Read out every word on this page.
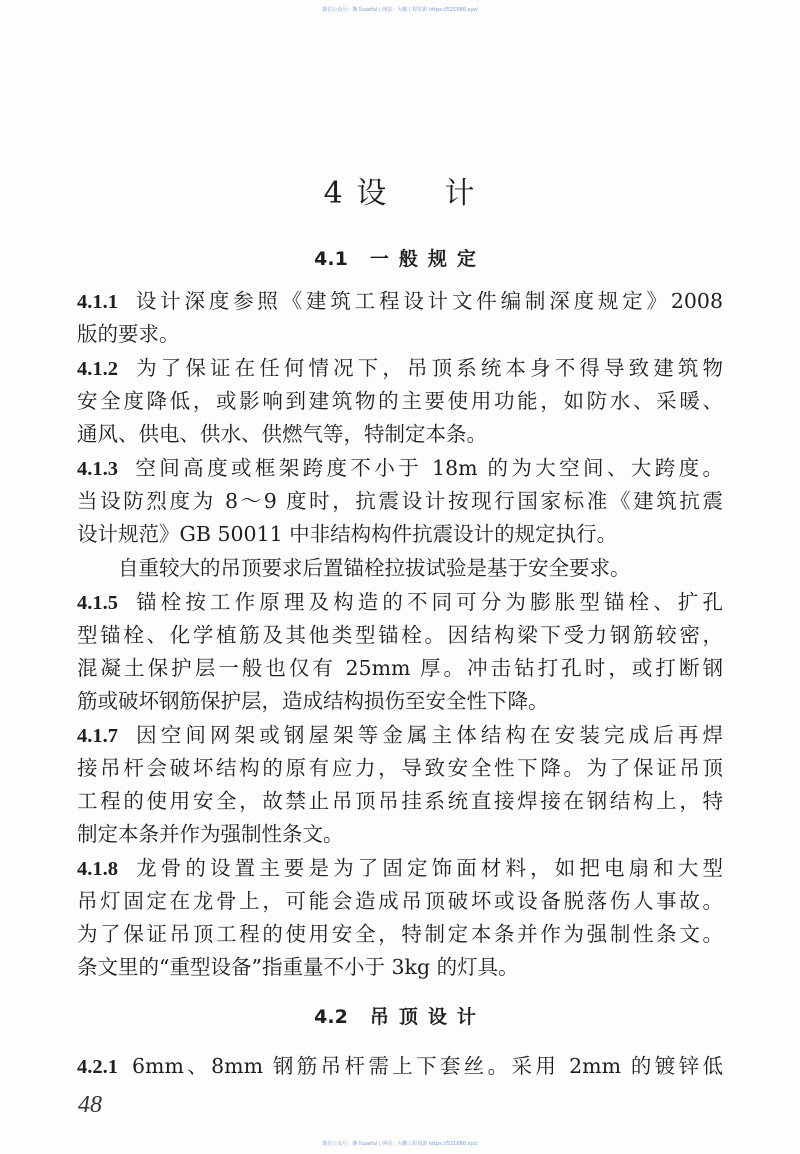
微信公众号：撕书useful | 网站：大鹏工程资源 https://521086.xyz/
4 设 计
4.1 一般规定
4.2 吊顶设计
4.1.1 设计深度参照《建筑工程设计文件编制深度规定》2008
版的要求。
4.1.2 为了保证在任何情况下，吊顶系统本身不得导致建筑物
安全度降低，或影响到建筑物的主要使用功能，如防水、采暖、
通风、供电、供水、供燃气等，特制定本条。
4.1.3 空间高度或框架跨度不小于 18m 的为大空间、大跨度。
当设防烈度为 8～9 度时，抗震设计按现行国家标准《建筑抗震
设计规范》GB 50011 中非结构构件抗震设计的规定执行。
自重较大的吊顶要求后置锚栓拉拔试验是基于安全要求。
4.1.5 锚栓按工作原理及构造的不同可分为膨胀型锚栓、扩孔
型锚栓、化学植筋及其他类型锚栓。因结构梁下受力钢筋较密，
混凝土保护层一般也仅有 25mm 厚。冲击钻打孔时，或打断钢
筋或破坏钢筋保护层，造成结构损伤至安全性下降。
4.1.7 因空间网架或钢屋架等金属主体结构在安装完成后再焊
接吊杆会破坏结构的原有应力，导致安全性下降。为了保证吊顶
工程的使用安全，故禁止吊顶吊挂系统直接焊接在钢结构上，特
制定本条并作为强制性条文。
4.1.8 龙骨的设置主要是为了固定饰面材料，如把电扇和大型
吊灯固定在龙骨上，可能会造成吊顶破坏或设备脱落伤人事故。
为了保证吊顶工程的使用安全，特制定本条并作为强制性条文。
条文里的“重型设备”指重量不小于 3kg 的灯具。
4.2.1 6mm、8mm 钢筋吊杆需上下套丝。采用 2mm 的镀锌低
48
微信公众号：撕书useful | 网站：大鹏工程资源 https://521086.xyz/
